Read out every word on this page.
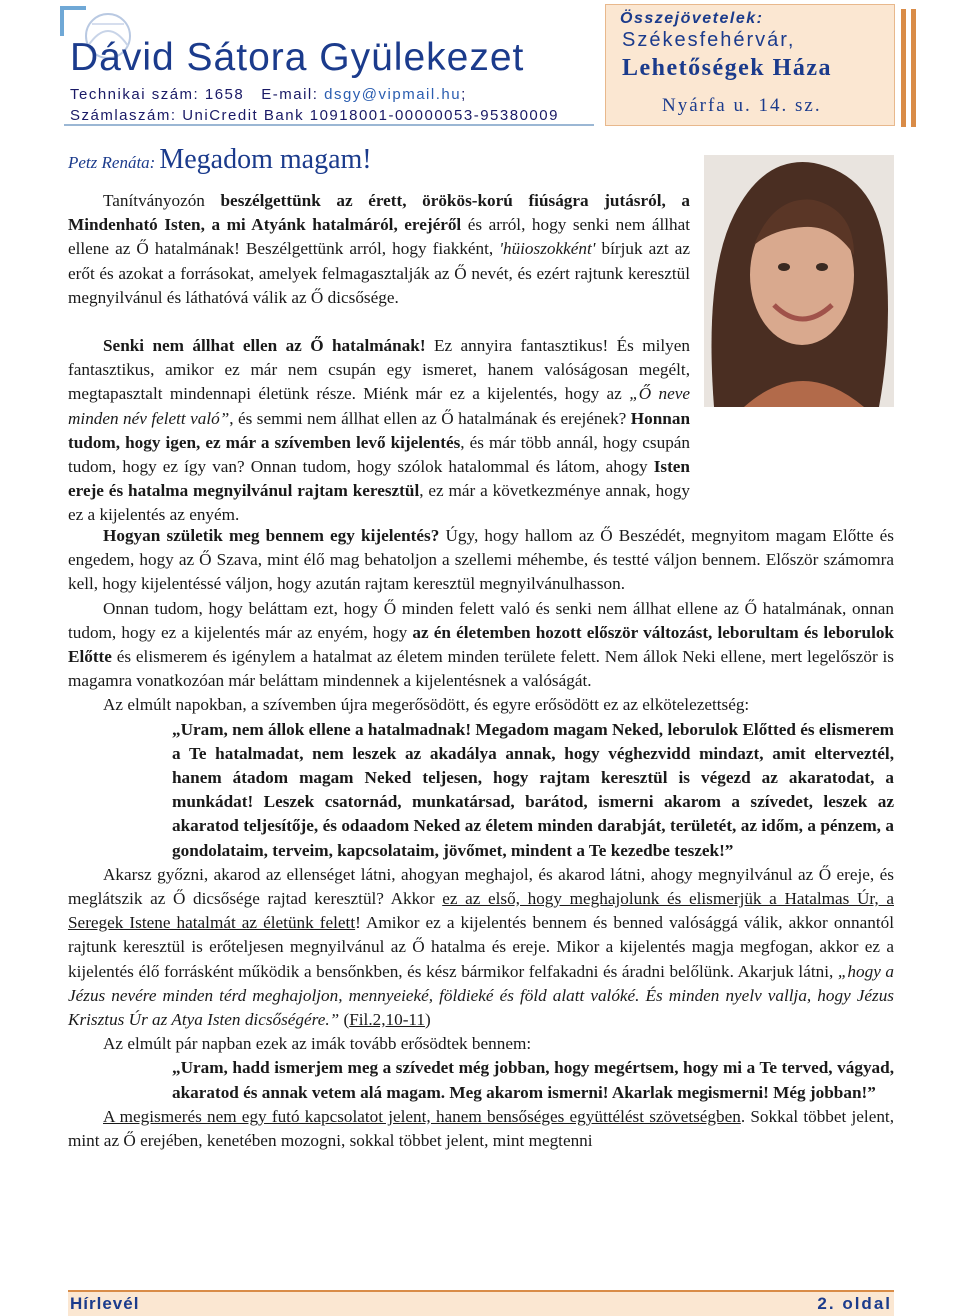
Dávid Sátora Gyülekezet
Technikai szám: 1658 E-mail: dsgy@vipmail.hu;
Számlaszám: UniCredit Bank 10918001-00000053-95380009
Összejövetelek:
Székesfehérvár,
Lehetőségek Háza
Nyárfa u. 14. sz.
Petz Renáta: Megadom magam!

Tanítványozón beszélgettünk az érett, örökös-korú fiúságra jutásról, a Mindenható Isten, a mi Atyánk hatalmáról, erejéről és arról, hogy senki nem állhat ellene az Ő hatalmának! Beszélgettünk arról, hogy fiakként, 'hüioszokként' bírjuk azt az erőt és azokat a forrásokat, amelyek felmagasztalják az Ő nevét, és ezért rajtunk keresztül megnyilvánul és láthatóvá válik az Ő dicsősége.

Senki nem állhat ellen az Ő hatalmának! Ez annyira fantasztikus! És milyen fantasztikus, amikor ez már nem csupán egy ismeret, hanem valóságosan megélt, megtapasztalt mindennapi életünk része. Miénk már ez a kijelentés, hogy az „Ő neve minden név felett való”, és semmi nem állhat ellen az Ő hatalmának és erejének? Honnan tudom, hogy igen, ez már a szívemben levő kijelentés, és már több annál, hogy csupán tudom, hogy ez így van? Onnan tudom, hogy szólok hatalommal és látom, ahogy Isten ereje és hatalma megnyilvánul rajtam keresztül, ez már a következménye annak, hogy ez a kijelentés az enyém.

Hogyan születik meg bennem egy kijelentés? Úgy, hogy hallom az Ő Beszédét, megnyitom magam Előtte és engedem, hogy az Ő Szava, mint élő mag behatoljon a szellemi méhembe, és testté váljon bennem. Először számomra kell, hogy kijelentéssé váljon, hogy azután rajtam keresztül megnyilvánulhasson.

Onnan tudom, hogy beláttam ezt, hogy Ő minden felett való és senki nem állhat ellene az Ő hatalmának, onnan tudom, hogy ez a kijelentés már az enyém, hogy az én életemben hozott először változást, leborultam és leborulok Előtte és elismerem és igénylem a hatalmat az életem minden területe felett. Nem állok Neki ellene, mert legelőször is magamra vonatkozóan már beláttam mindennek a kijelentésnek a valóságát.

Az elmúlt napokban, a szívemben újra megerősödött, és egyre erősödött ez az elkötelezettség:

„Uram, nem állok ellene a hatalmadnak! Megadom magam Neked, leborulok Előtted és elismerem a Te hatalmadat, nem leszek az akadálya annak, hogy véghezvidd mindazt, amit elterveztél, hanem átadom magam Neked teljesen, hogy rajtam keresztül is végezd az akaratodat, a munkádat! Leszek csatornád, munkatársad, barátod, ismerni akarom a szívedet, leszek az akaratod teljesítője, és odaadom Neked az életem minden darabját, területét, az időm, a pénzem, a gondolataim, terveim, kapcsolataim, jövőmet, mindent a Te kezedbe teszek!”

Akarsz győzni, akarod az ellenséget látni, ahogyan meghajol, és akarod látni, ahogy megnyilvánul az Ő ereje, és meglátszik az Ő dicsősége rajtad keresztül? Akkor ez az első, hogy meghajolunk és elismerjük a Hatalmas Úr, a Seregek Istene hatalmát az életünk felett! Amikor ez a kijelentés bennem és benned valósággá válik, akkor onnantól rajtunk keresztül is erőteljesen megnyilvánul az Ő hatalma és ereje. Mikor a kijelentés magja megfogan, akkor ez a kijelentés élő forrásként működik a bensőnkben, és kész bármikor felfakadni és áradni belőlünk. Akarjuk látni, „hogy a Jézus nevére minden térd meghajoljon, mennyeieké, földieké és föld alatt valóké. És minden nyelv vallja, hogy Jézus Krisztus Úr az Atya Isten dicsőségére.” (Fil.2,10-11)

Az elmúlt pár napban ezek az imák tovább erősödtek bennem:

„Uram, hadd ismerjem meg a szívedet még jobban, hogy megértsem, hogy mi a Te terved, vágyad, akaratod és annak vetem alá magam. Meg akarom ismerni! Akarlak megismerni! Még jobban!”

A megismerés nem egy futó kapcsolatot jelent, hanem bensőséges együttélést szövetségben. Sokkal többet jelent, mint az Ő erejében, kenetében mozogni, sokkal többet jelent, mint megtenni

Hírlevél	2. oldal
